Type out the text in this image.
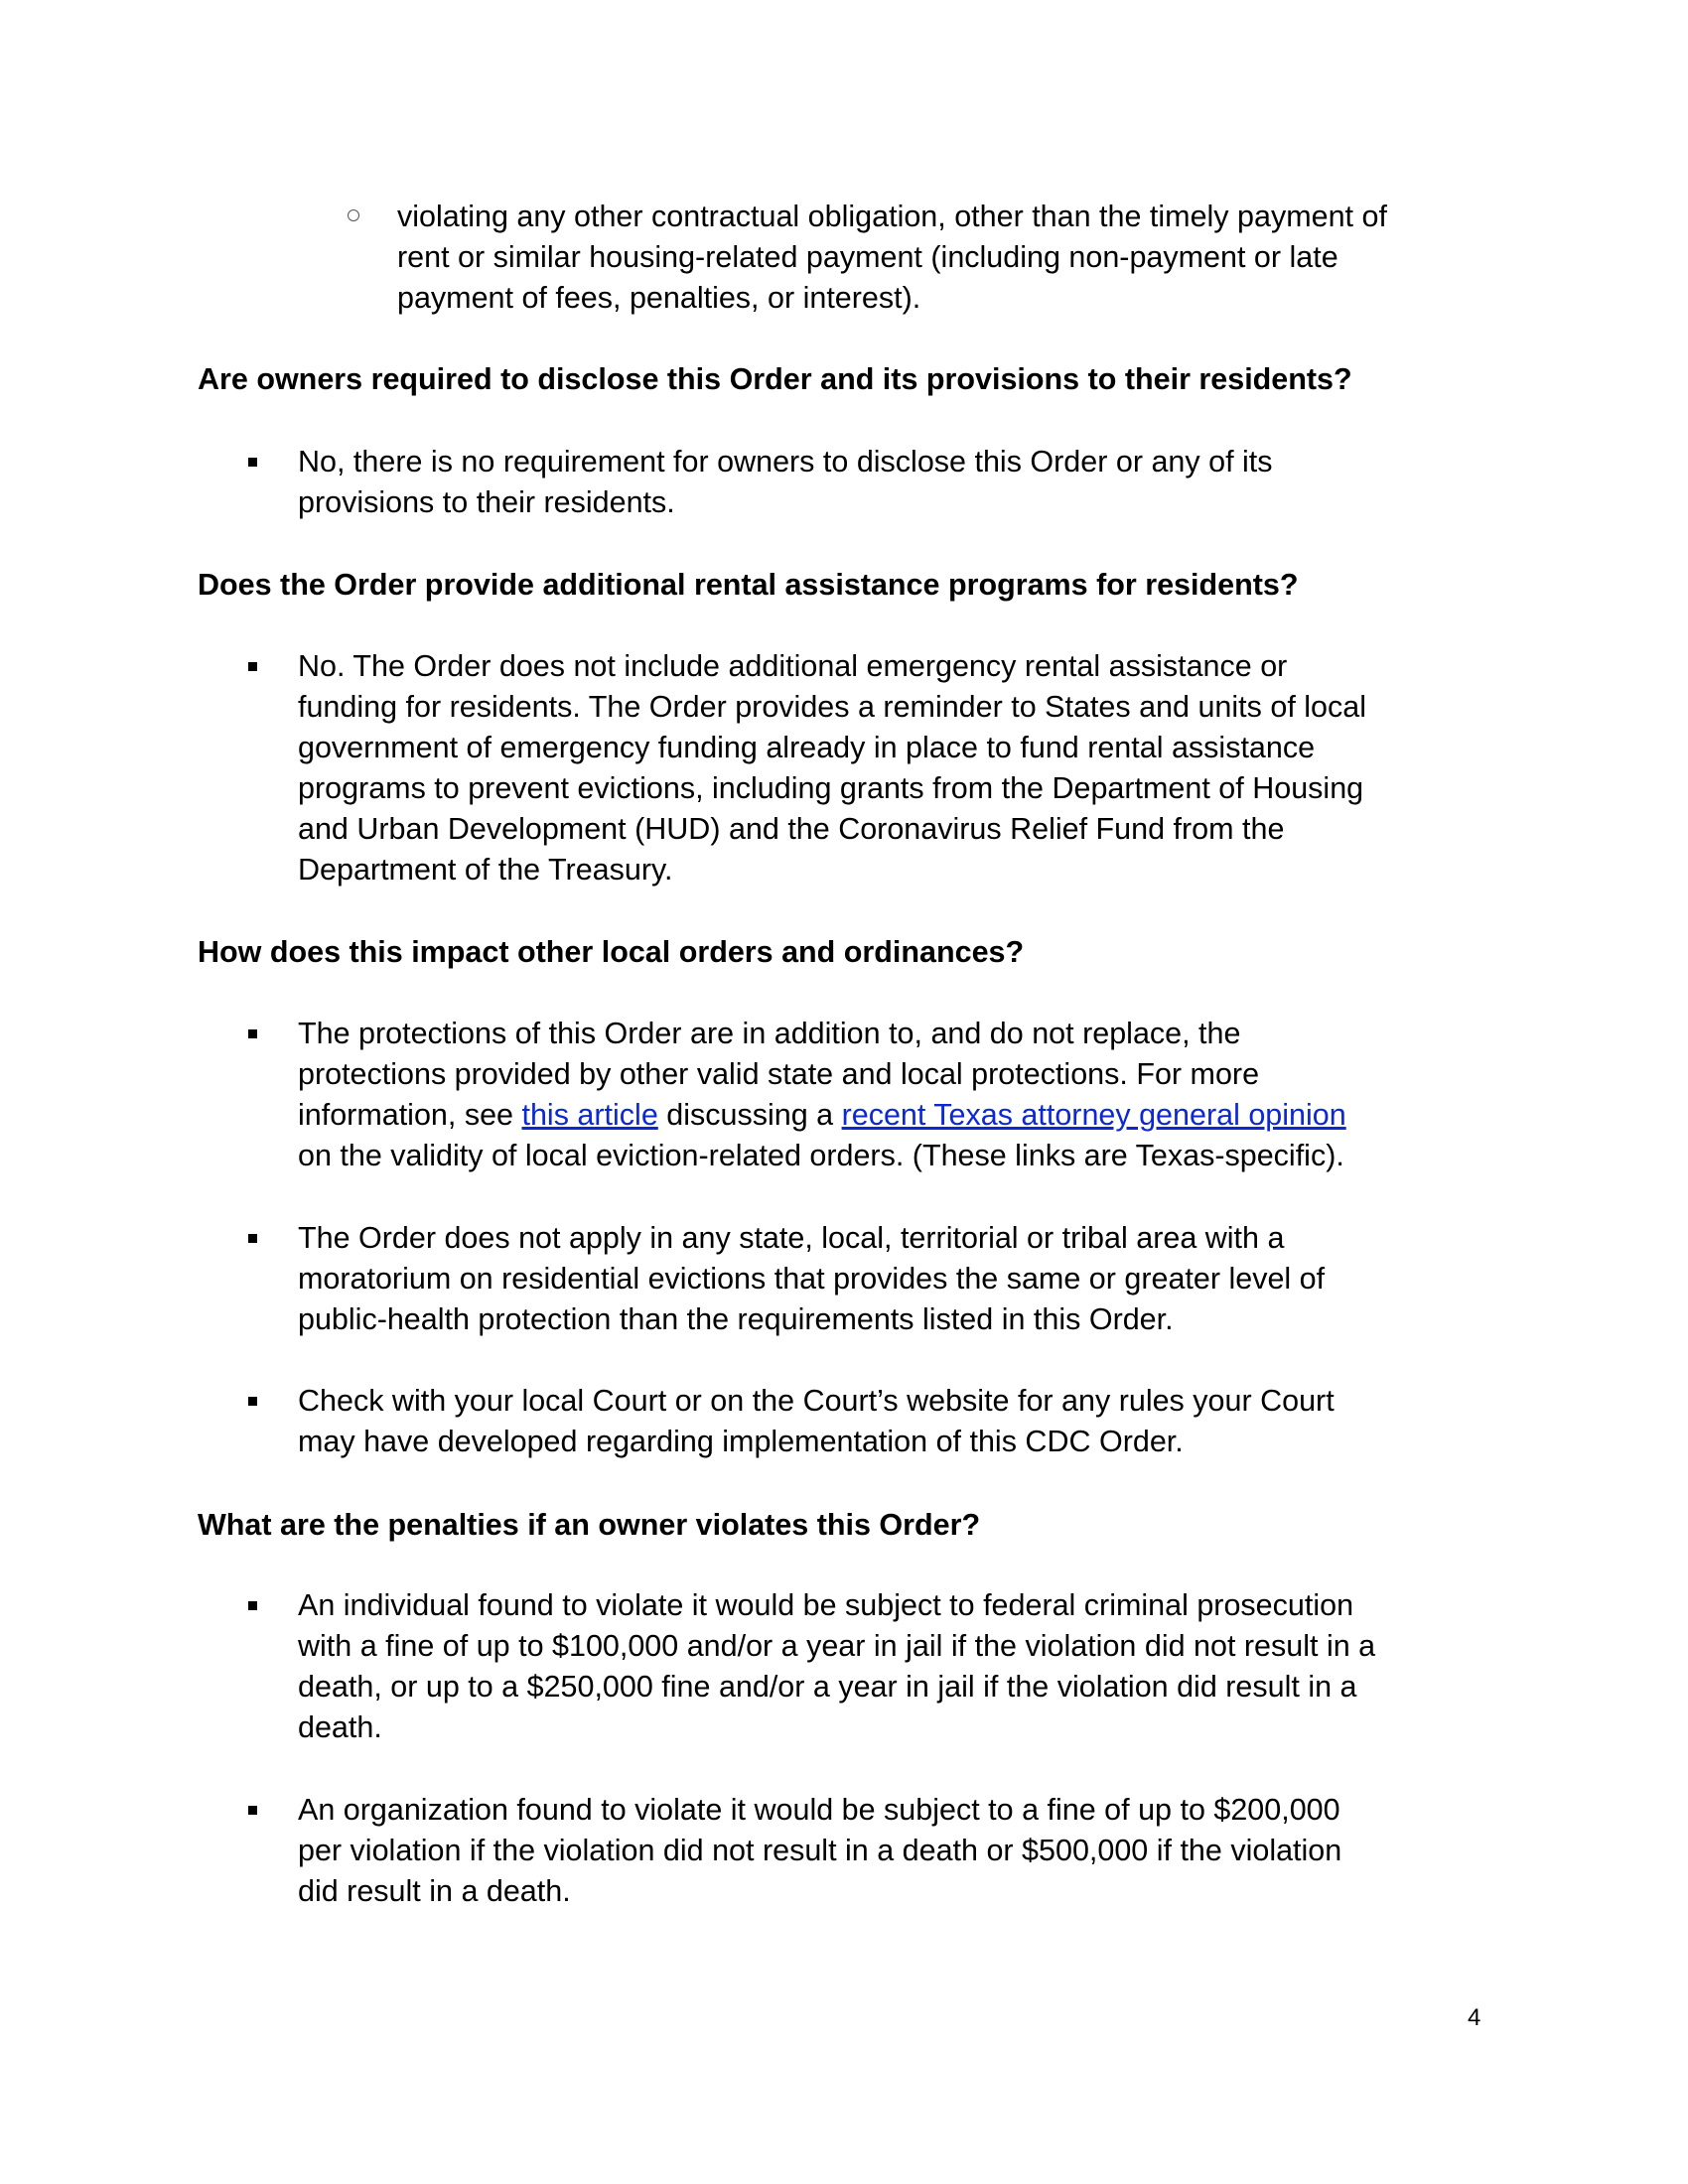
violating any other contractual obligation, other than the timely payment of
rent or similar housing-related payment (including non-payment or late
payment of fees, penalties, or interest).
Are owners required to disclose this Order and its provisions to their residents?
No, there is no requirement for owners to disclose this Order or any of its
provisions to their residents.
Does the Order provide additional rental assistance programs for residents?
No. The Order does not include additional emergency rental assistance or
funding for residents. The Order provides a reminder to States and units of local
government of emergency funding already in place to fund rental assistance
programs to prevent evictions, including grants from the Department of Housing
and Urban Development (HUD) and the Coronavirus Relief Fund from the
Department of the Treasury.
How does this impact other local orders and ordinances?
The protections of this Order are in addition to, and do not replace, the
protections provided by other valid state and local protections. For more
information, see this article discussing a recent Texas attorney general opinion
on the validity of local eviction-related orders. (These links are Texas-specific).
The Order does not apply in any state, local, territorial or tribal area with a
moratorium on residential evictions that provides the same or greater level of
public-health protection than the requirements listed in this Order.
Check with your local Court or on the Court’s website for any rules your Court
may have developed regarding implementation of this CDC Order.
What are the penalties if an owner violates this Order?
An individual found to violate it would be subject to federal criminal prosecution
with a fine of up to $100,000 and/or a year in jail if the violation did not result in a
death, or up to a $250,000 fine and/or a year in jail if the violation did result in a
death.
An organization found to violate it would be subject to a fine of up to $200,000
per violation if the violation did not result in a death or $500,000 if the violation
did result in a death.
4
